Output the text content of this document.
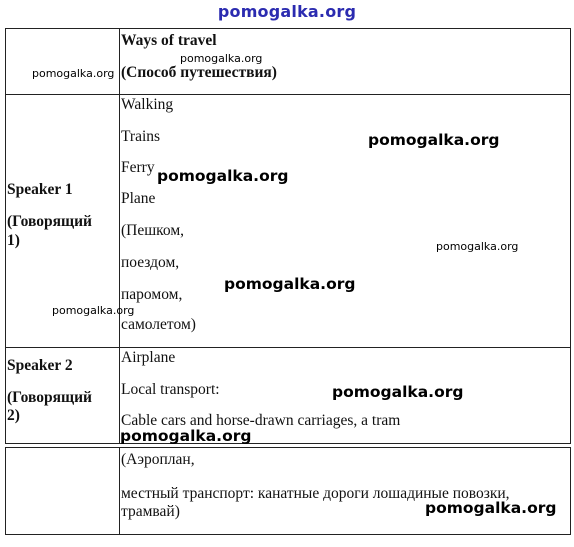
pomogalka.org
Ways of travel
(Способ путешествия)
Speaker 1
(Говорящий
1)
Walking
Trains
Ferry
Plane
(Пешком,
поездом,
паромом,
самолетом)
Speaker 2
(Говорящий
2)
Airplane
Local transport:
Cable cars and horse-drawn carriages, a tram
(Аэроплан,
местный транспорт: канатные дороги лошадиные повозки,
трамвай)
pomogalka.org
pomogalka.org
pomogalka.org
pomogalka.org
pomogalka.org
pomogalka.org
pomogalka.org
pomogalka.org
pomogalka.org
pomogalka.org
